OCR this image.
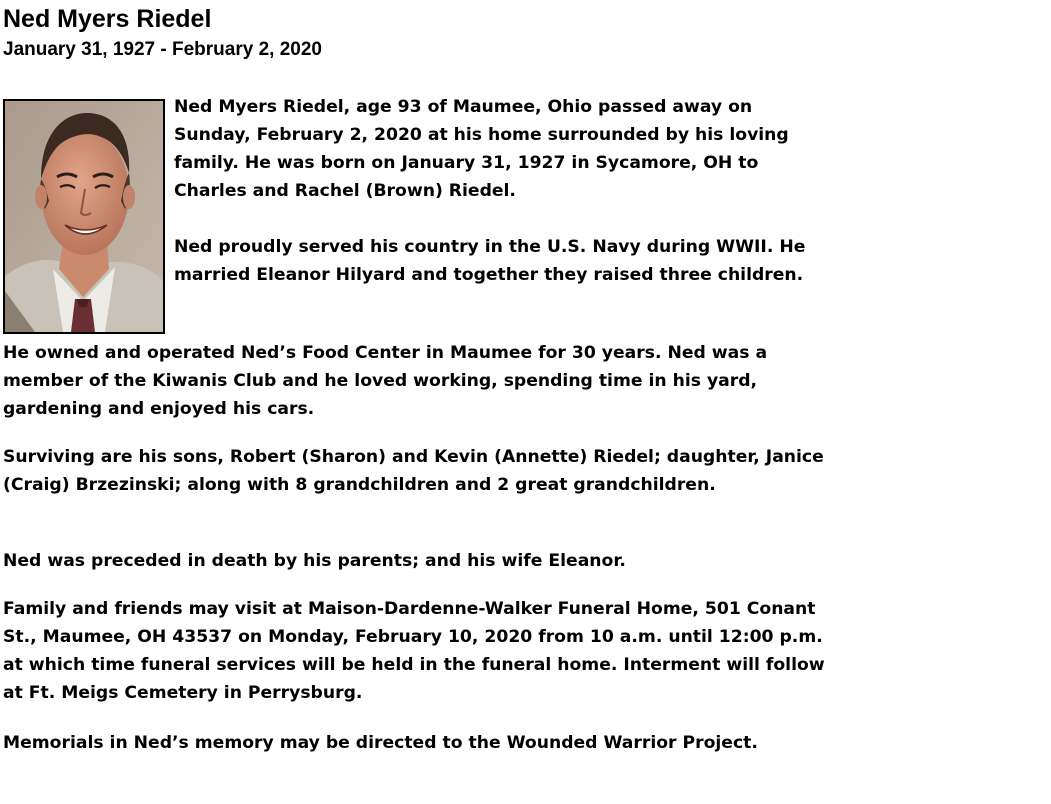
Ned Myers Riedel
January 31, 1927 - February 2, 2020

Ned Myers Riedel, age 93 of Maumee, Ohio passed away on Sunday, February 2, 2020 at his home surrounded by his loving family. He was born on January 31, 1927 in Sycamore, OH to Charles and Rachel (Brown) Riedel.

Ned proudly served his country in the U.S. Navy during WWII. He married Eleanor Hilyard and together they raised three children.

He owned and operated Ned’s Food Center in Maumee for 30 years. Ned was a member of the Kiwanis Club and he loved working, spending time in his yard, gardening and enjoyed his cars.

Surviving are his sons, Robert (Sharon) and Kevin (Annette) Riedel; daughter, Janice (Craig) Brzezinski; along with 8 grandchildren and 2 great grandchildren.

Ned was preceded in death by his parents; and his wife Eleanor.

Family and friends may visit at Maison-Dardenne-Walker Funeral Home, 501 Conant St., Maumee, OH 43537 on Monday, February 10, 2020 from 10 a.m. until 12:00 p.m. at which time funeral services will be held in the funeral home. Interment will follow at Ft. Meigs Cemetery in Perrysburg.

Memorials in Ned’s memory may be directed to the Wounded Warrior Project.
